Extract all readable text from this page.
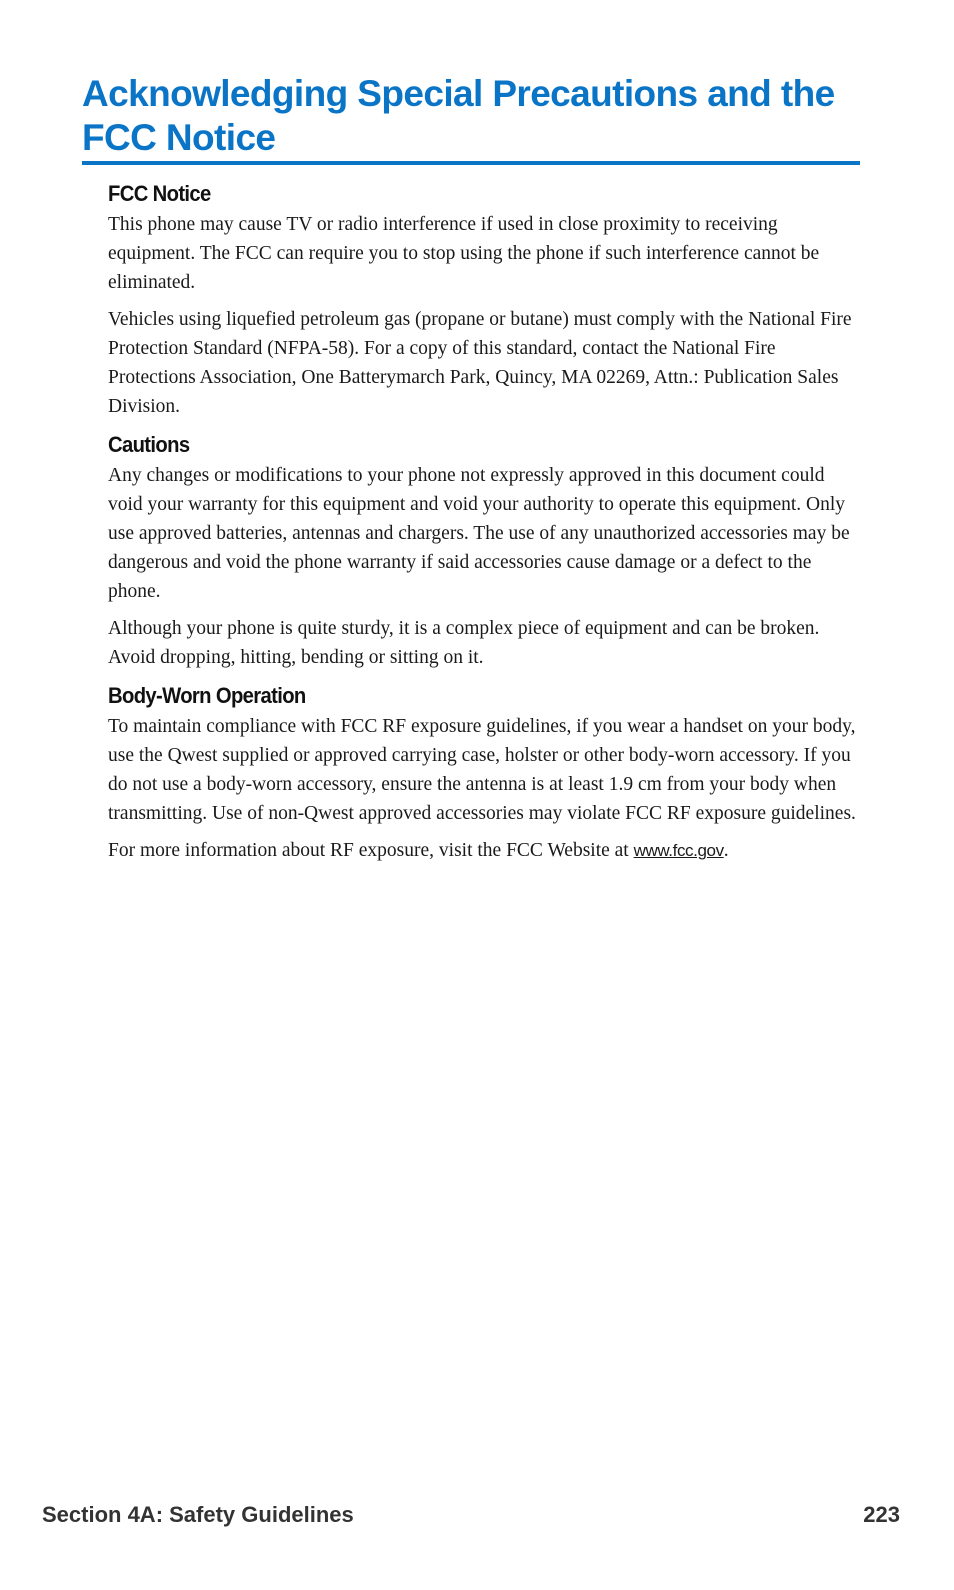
Acknowledging Special Precautions and the FCC Notice
FCC Notice

This phone may cause TV or radio interference if used in close proximity to receiving equipment. The FCC can require you to stop using the phone if such interference cannot be eliminated.

Vehicles using liquefied petroleum gas (propane or butane) must comply with the National Fire Protection Standard (NFPA-58). For a copy of this standard, contact the National Fire Protections Association, One Batterymarch Park, Quincy, MA 02269, Attn.: Publication Sales Division.

Cautions

Any changes or modifications to your phone not expressly approved in this document could void your warranty for this equipment and void your authority to operate this equipment. Only use approved batteries, antennas and chargers. The use of any unauthorized accessories may be dangerous and void the phone warranty if said accessories cause damage or a defect to the phone.

Although your phone is quite sturdy, it is a complex piece of equipment and can be broken. Avoid dropping, hitting, bending or sitting on it.

Body-Worn Operation

To maintain compliance with FCC RF exposure guidelines, if you wear a handset on your body, use the Qwest supplied or approved carrying case, holster or other body-worn accessory. If you do not use a body-worn accessory, ensure the antenna is at least 1.9 cm from your body when transmitting. Use of non-Qwest approved accessories may violate FCC RF exposure guidelines.

For more information about RF exposure, visit the FCC Website at www.fcc.gov.

Section 4A: Safety Guidelines	223
